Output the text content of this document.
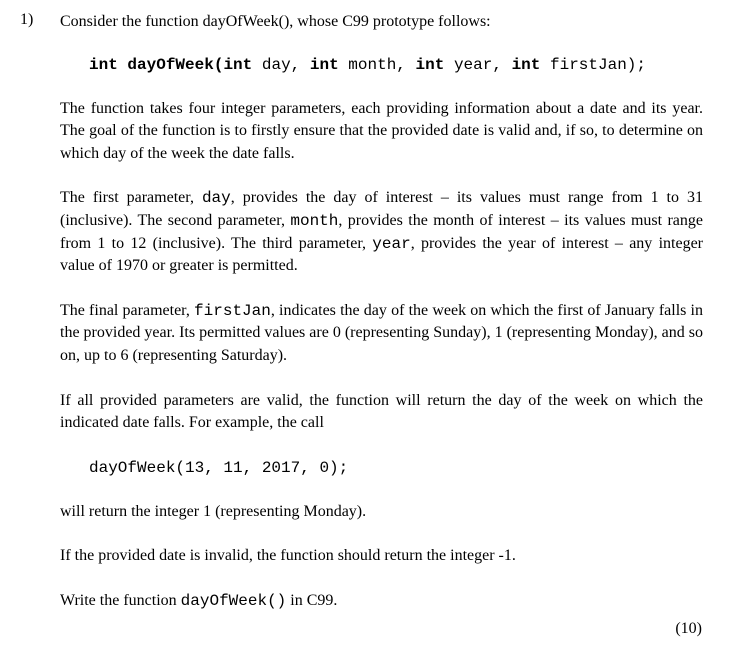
1) Consider the function dayOfWeek(), whose C99 prototype follows:

int dayOfWeek(int day, int month, int year, int firstJan);

The function takes four integer parameters, each providing information about a date and its year. The goal of the function is to firstly ensure that the provided date is valid and, if so, to determine on which day of the week the date falls.

The first parameter, day, provides the day of interest – its values must range from 1 to 31 (inclusive). The second parameter, month, provides the month of interest – its values must range from 1 to 12 (inclusive). The third parameter, year, provides the year of interest – any integer value of 1970 or greater is permitted.

The final parameter, firstJan, indicates the day of the week on which the first of January falls in the provided year. Its permitted values are 0 (representing Sunday), 1 (representing Monday), and so on, up to 6 (representing Saturday).

If all provided parameters are valid, the function will return the day of the week on which the indicated date falls. For example, the call

dayOfWeek(13, 11, 2017, 0);

will return the integer 1 (representing Monday).

If the provided date is invalid, the function should return the integer -1.

Write the function dayOfWeek() in C99.

(10)
